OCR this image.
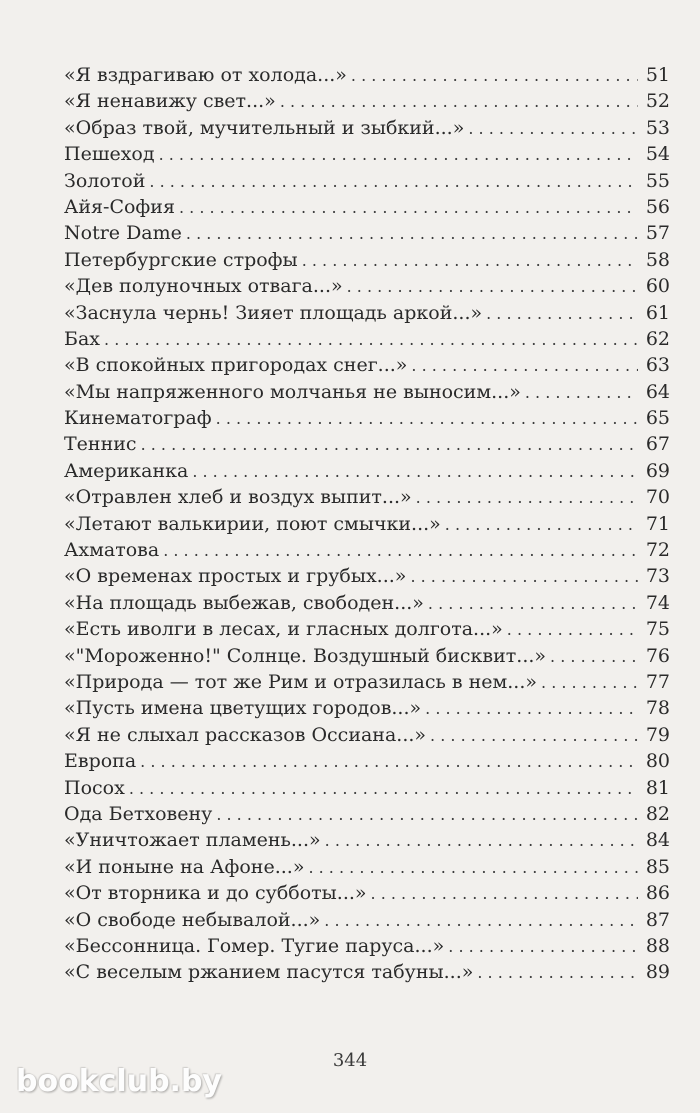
«Я вздрагиваю от холода...» . . .	51
«Я ненавижу свет...» . . .	52
«Образ твой, мучительный и зыбкий...» . . .	53
Пешеход . . .	54
Золотой . . .	55
Айя-София . . .	56
Notre Dame . . .	57
Петербургские строфы . . .	58
«Дев полуночных отвага...» . . .	60
«Заснула чернь! Зияет площадь аркой...» . . .	61
Бах . . .	62
«В спокойных пригородах снег...» . . .	63
«Мы напряженного молчанья не выносим...» . . .	64
Кинематограф . . .	65
Теннис . . .	67
Американка . . .	69
«Отравлен хлеб и воздух выпит...» . . .	70
«Летают валькирии, поют смычки...» . . .	71
Ахматова . . .	72
«О временах простых и грубых...» . . .	73
«На площадь выбежав, свободен...» . . .	74
«Есть иволги в лесах, и гласных долгота...» . . .	75
«"Мороженно!" Солнце. Воздушный бисквит...» . . .	76
«Природа — тот же Рим и отразилась в нем...» . . .	77
«Пусть имена цветущих городов...» . . .	78
«Я не слыхал рассказов Оссиана...» . . .	79
Европа . . .	80
Посох . . .	81
Ода Бетховену . . .	82
«Уничтожает пламень...» . . .	84
«И поныне на Афоне...» . . .	85
«От вторника и до субботы...» . . .	86
«О свободе небывалой...» . . .	87
«Бессонница. Гомер. Тугие паруса...» . . .	88
«С веселым ржанием пасутся табуны...» . . .	89
344
bookclub.by
